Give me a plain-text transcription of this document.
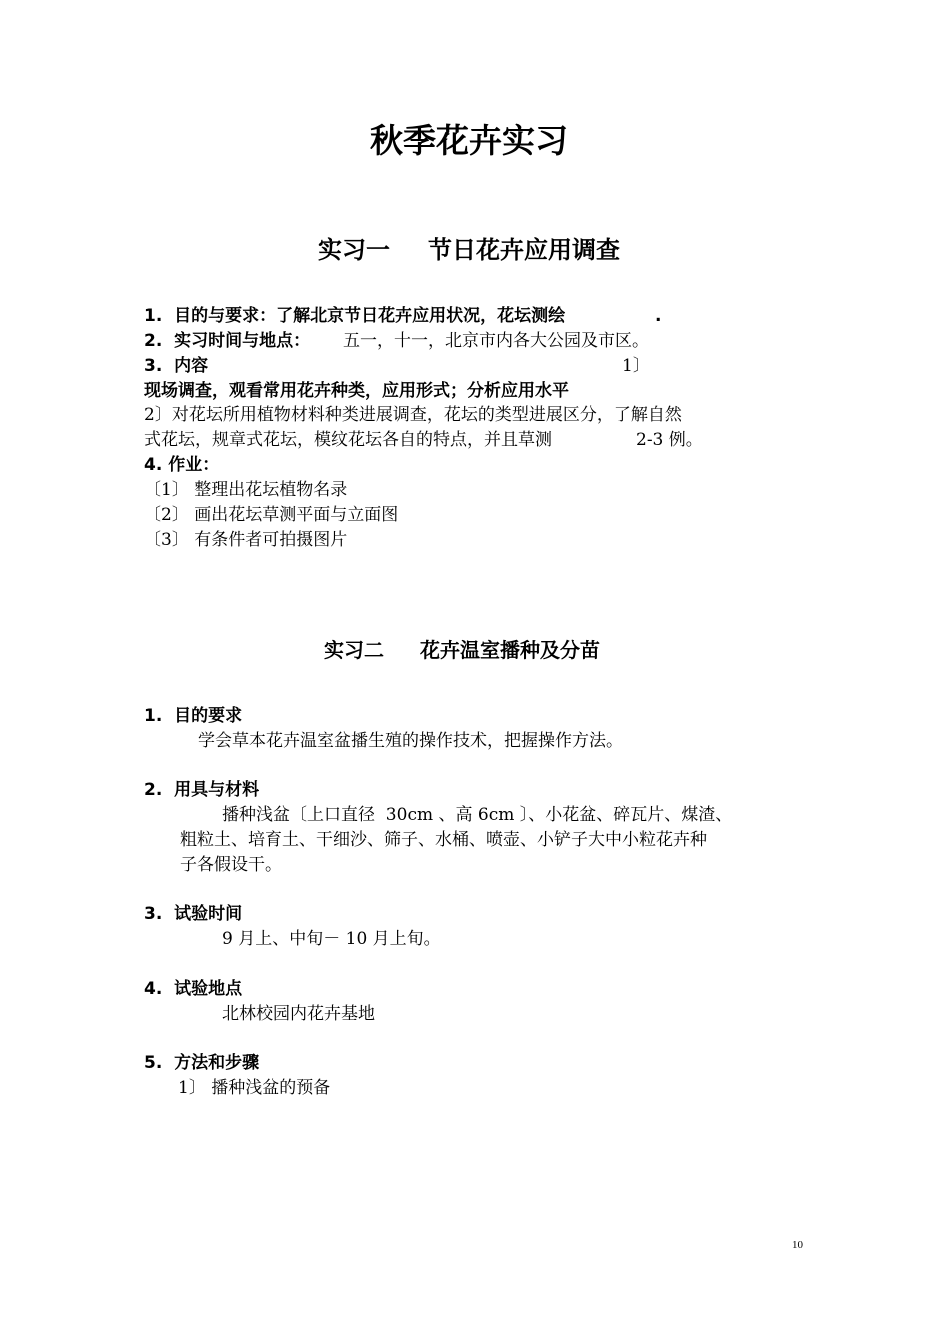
秋季花卉实习
实习一 节日花卉应用调查
1.  目的与要求：了解北京节日花卉应用状况，花坛测绘	.
2.  实习时间与地点： 五一，十一，北京市内各大公园及市区。
3.  内容	1〕
现场调查，观看常用花卉种类，应用形式；分析应用水平
2〕对花坛所用植物材料种类进展调查，花坛的类型进展区分，了解自然
式花坛，规章式花坛，模纹花坛各自的特点，并且草测	2-3 例。
4. 作业：
〔1〕 整理出花坛植物名录
〔2〕 画出花坛草测平面与立面图
〔3〕 有条件者可拍摄图片
实习二 花卉温室播种及分苗
1.  目的要求
学会草本花卉温室盆播生殖的操作技术，把握操作方法。
2.  用具与材料
播种浅盆〔上口直径  30cm 、高 6cm 〕、小花盆、碎瓦片、煤渣、
粗粒土、培育土、干细沙、筛子、水桶、喷壶、小铲子大中小粒花卉种
子各假设干。
3.  试验时间
9 月上、中旬－ 10 月上旬。
4.  试验地点
北林校园内花卉基地
5.  方法和步骤
1〕 播种浅盆的预备
10
